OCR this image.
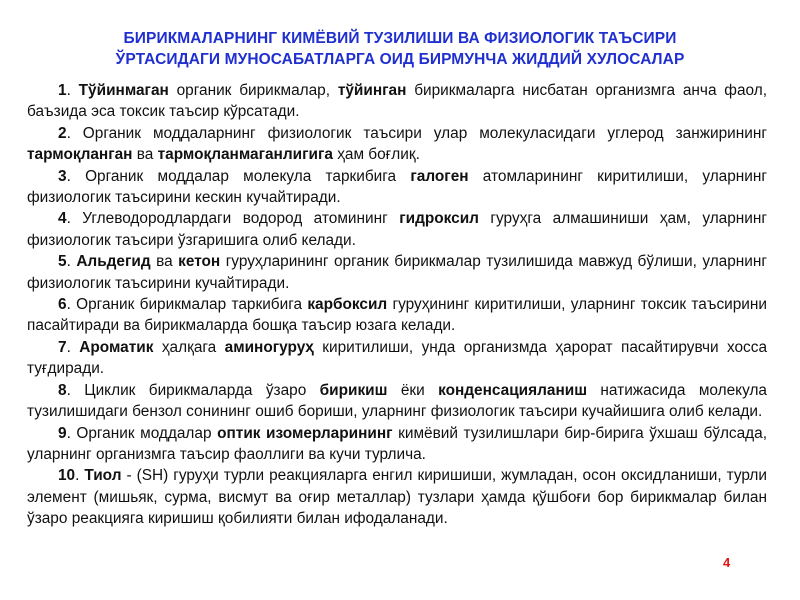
БИРИКМАЛАРНИНГ КИМЁВИЙ ТУЗИЛИШИ ВА ФИЗИОЛОГИК ТАЪСИРИ
ЎРТАСИДАГИ МУНОСАБАТЛАРГА ОИД БИРМУНЧА ЖИДДИЙ ХУЛОСАЛАР

1. Тўйинмаган органик бирикмалар, тўйинган бирикмаларга нисбатан организмга анча фаол, баъзида эса токсик таъсир кўрсатади.

2. Органик моддаларнинг физиологик таъсири улар молекуласидаги углерод занжирининг тармоқланган ва тармоқланмаганлигига ҳам боғлиқ.

3. Органик моддалар молекула таркибига галоген атомларининг киритилиши, уларнинг физиологик таъсирини кескин кучайтиради.

4. Углеводородлардаги водород атомининг гидроксил гуруҳга алмашиниши ҳам, уларнинг физиологик таъсири ўзгаришига олиб келади.

5. Альдегид ва кетон гуруҳларининг органик бирикмалар тузилишида мавжуд бўлиши, уларнинг физиологик таъсирини кучайтиради.

6. Органик бирикмалар таркибига карбоксил гуруҳининг киритилиши, уларнинг токсик таъсирини пасайтиради ва бирикмаларда бошқа таъсир юзага келади.

7. Ароматик ҳалқага аминогуруҳ киритилиши, унда организмда ҳарорат пасайтирувчи хосса туғдиради.

8. Циклик бирикмаларда ўзаро бирикиш ёки конденсацияланиш натижасида молекула тузилишидаги бензол сонининг ошиб бориши, уларнинг физиологик таъсири кучайишига олиб келади.

9. Органик моддалар оптик изомерларининг кимёвий тузилишлари бир-бирига ўхшаш бўлсада, уларнинг организмга таъсир фаоллиги ва кучи турлича.

10. Тиол - (SH) гуруҳи турли реакцияларга енгил киришиши, жумладан, осон оксидланиши, турли элемент (мишьяк, сурма, висмут ва оғир металлар) тузлари ҳамда қўшбоғи бор бирикмалар билан ўзаро реакцияга киришиш қобилияти билан ифодаланади.

4
